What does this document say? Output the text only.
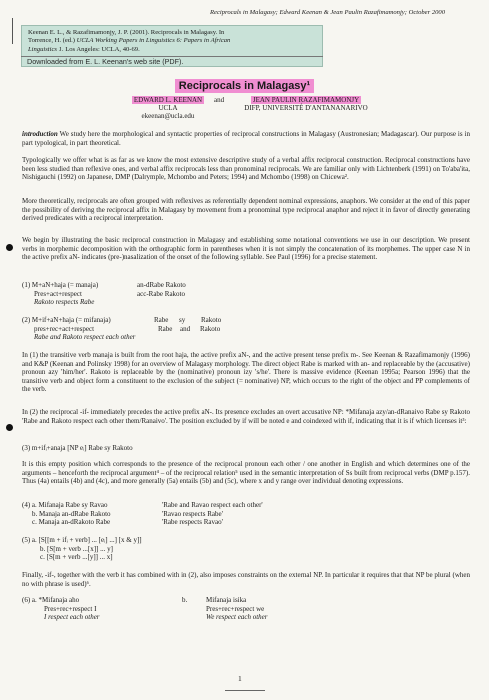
Reciprocals in Malagasy; Edward Keenan & Jean Paulin Razafimamonjy; October 2000
Keenan E. L., & Razafimamonjy, J. P. (2001). Reciprocals in Malagasy. In
Torrence, H. (ed.) UCLA Working Papers in Linguistics 6: Papers in African
Linguistics 1. Los Angeles: UCLA, 40-69.
Downloaded from E. L. Keenan's web site (PDF).
Reciprocals in Malagasy¹
EDWARD L. KEENAN
UCLA
ekeenan@ucla.edu
and	JEAN PAULIN RAZAFIMAMONJY
DIFP, UNIVERSITÉ D'ANTANANARIVO
introduction We study here the morphological and syntactic properties of reciprocal constructions in Malagasy (Austronesian; Madagascar). Our purpose is in part typological, in part theoretical.
Typologically we offer what is as far as we know the most extensive descriptive study of a verbal affix reciprocal construction. Reciprocal constructions have been less studied than reflexive ones, and verbal affix reciprocals less than pronominal reciprocals. We are familiar only with Lichtenberk (1991) on To'aba'ita, Nishigauchi (1992) on Japanese, DMP (Dalrymple, Mchombo and Peters; 1994) and Mchombo (1998) on Chicewa².
More theoretically, reciprocals are often grouped with reflexives as referentially dependent nominal expressions, anaphors. We consider at the end of this paper the possibility of deriving the reciprocal affix in Malagasy by movement from a pronominal type reciprocal anaphor and reject it in favor of directly generating derived predicates with a reciprocal interpretation.
We begin by illustrating the basic reciprocal construction in Malagasy and establishing some notational conventions we use in our description. We present verbs in morphemic decomposition with the orthographic form in parentheses when it is not simply the concatenation of its morphemes. The upper case N in the active prefix aN- indicates (pre-)nasalization of the onset of the following syllable. See Paul (1996) for a precise statement.
(1) M+aN+haja (= manaja)	an-dRabe Rakoto
Pres+act+respect	acc-Rabe Rakoto
Rakoto respects Rabe
(2) M+if+aN+haja (= mifanaja)	Rabe sy Rakoto
pres+rec+act+respect	Rabe and Rakoto
Rabe and Rakoto respect each other
In (1) the transitive verb manaja is built from the root haja, the active prefix aN-, and the active present tense prefix m-. See Keenan & Razafimamonjy (1996) and K&P (Keenan and Polinsky 1998) for an overview of Malagasy morphology. The direct object Rabe is marked with an- and replaceable by the (accusative) pronoun azy 'him/her'. Rakoto is replaceable by the (nominative) pronoun izy 's/he'. There is massive evidence (Keenan 1995a; Pearson 1996) that the transitive verb and object form a constituent to the exclusion of the subject (= nominative) NP, which occurs to the right of the object and PP complements of the verb.
In (2) the reciprocal -if- immediately precedes the active prefix aN-. Its presence excludes an overt accusative NP: *Mifanaja azy/an-dRanaivo Rabe sy Rakoto 'Rabe and Rakoto respect each other them/Ranaivo'. The position excluded by if will be noted e and coindexed with if, indicating that it is if which licenses it³:
(3) m+ifᵢ+anaja [NP eᵢ] Rabe sy Rakoto
It is this empty position which corresponds to the presence of the reciprocal pronoun each other / one another in English and which determines one of the arguments – henceforth the reciprocal argument⁴ – of the reciprocal relation⁵ used in the semantic interpretation of Ss built from reciprocal verbs (DMP p.157). Thus (4a) entails (4b) and (4c), and more generally (5a) entails (5b) and (5c), where x and y range over individual denoting expressions.
(4) a. Mifanaja Rabe sy Ravao	'Rabe and Ravao respect each other'
b. Manaja an-dRabe Rakoto	'Ravao respects Rabe'
c. Manaja an-dRakoto Rabe	'Rabe respects Ravao'
(5) a. [S[[m + ifᵢ + verb] ... [eᵢ] ...] [x & y]]
b. [S[m + verb ...[x]] ... y]
c. [S[m + verb ...[y]] ... x]
Finally, -if-, together with the verb it has combined with in (2), also imposes constraints on the external NP. In particular it requires that that NP be plural (when no with phrase is used)⁶.
(6) a. *Mifanaja aho	b.	Mifanaja isika
Pres+rec+respect I	Pres+rec+respect we
I respect each other	We respect each other
1
